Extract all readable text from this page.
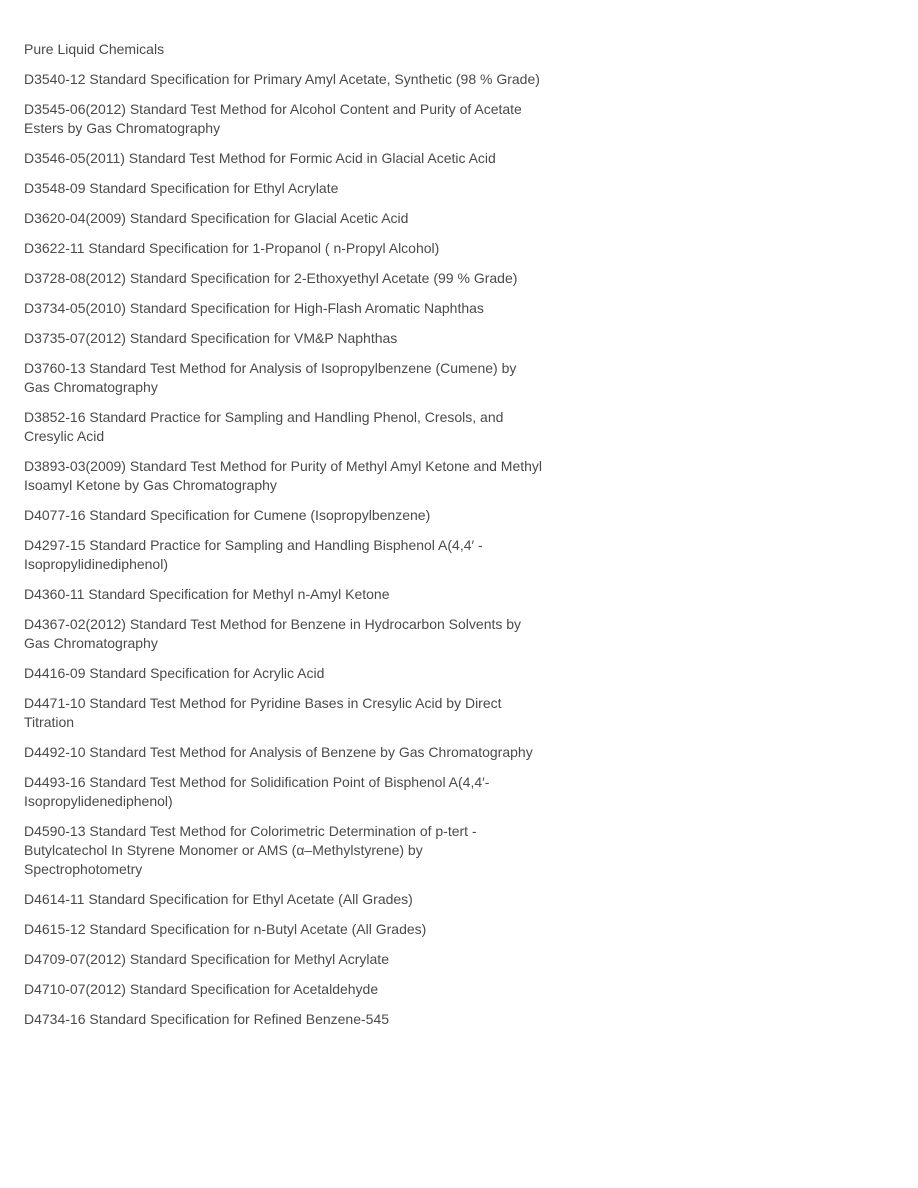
Pure Liquid Chemicals
D3540-12 Standard Specification for Primary Amyl Acetate, Synthetic (98 % Grade)
D3545-06(2012) Standard Test Method for Alcohol Content and Purity of Acetate Esters by Gas Chromatography
D3546-05(2011) Standard Test Method for Formic Acid in Glacial Acetic Acid
D3548-09 Standard Specification for Ethyl Acrylate
D3620-04(2009) Standard Specification for Glacial Acetic Acid
D3622-11 Standard Specification for 1-Propanol ( n-Propyl Alcohol)
D3728-08(2012) Standard Specification for 2-Ethoxyethyl Acetate (99 % Grade)
D3734-05(2010) Standard Specification for High-Flash Aromatic Naphthas
D3735-07(2012) Standard Specification for VM&P Naphthas
D3760-13 Standard Test Method for Analysis of Isopropylbenzene (Cumene) by Gas Chromatography
D3852-16 Standard Practice for Sampling and Handling Phenol, Cresols, and Cresylic Acid
D3893-03(2009) Standard Test Method for Purity of Methyl Amyl Ketone and Methyl Isoamyl Ketone by Gas Chromatography
D4077-16 Standard Specification for Cumene (Isopropylbenzene)
D4297-15 Standard Practice for Sampling and Handling Bisphenol A(4,4′ -Isopropylidinediphenol)
D4360-11 Standard Specification for Methyl n-Amyl Ketone
D4367-02(2012) Standard Test Method for Benzene in Hydrocarbon Solvents by Gas Chromatography
D4416-09 Standard Specification for Acrylic Acid
D4471-10 Standard Test Method for Pyridine Bases in Cresylic Acid by Direct Titration
D4492-10 Standard Test Method for Analysis of Benzene by Gas Chromatography
D4493-16 Standard Test Method for Solidification Point of Bisphenol A(4,4′-Isopropylidenediphenol)
D4590-13 Standard Test Method for Colorimetric Determination of p-tert -Butylcatechol In Styrene Monomer or AMS (α–Methylstyrene) by Spectrophotometry
D4614-11 Standard Specification for Ethyl Acetate (All Grades)
D4615-12 Standard Specification for n-Butyl Acetate (All Grades)
D4709-07(2012) Standard Specification for Methyl Acrylate
D4710-07(2012) Standard Specification for Acetaldehyde
D4734-16 Standard Specification for Refined Benzene-545
